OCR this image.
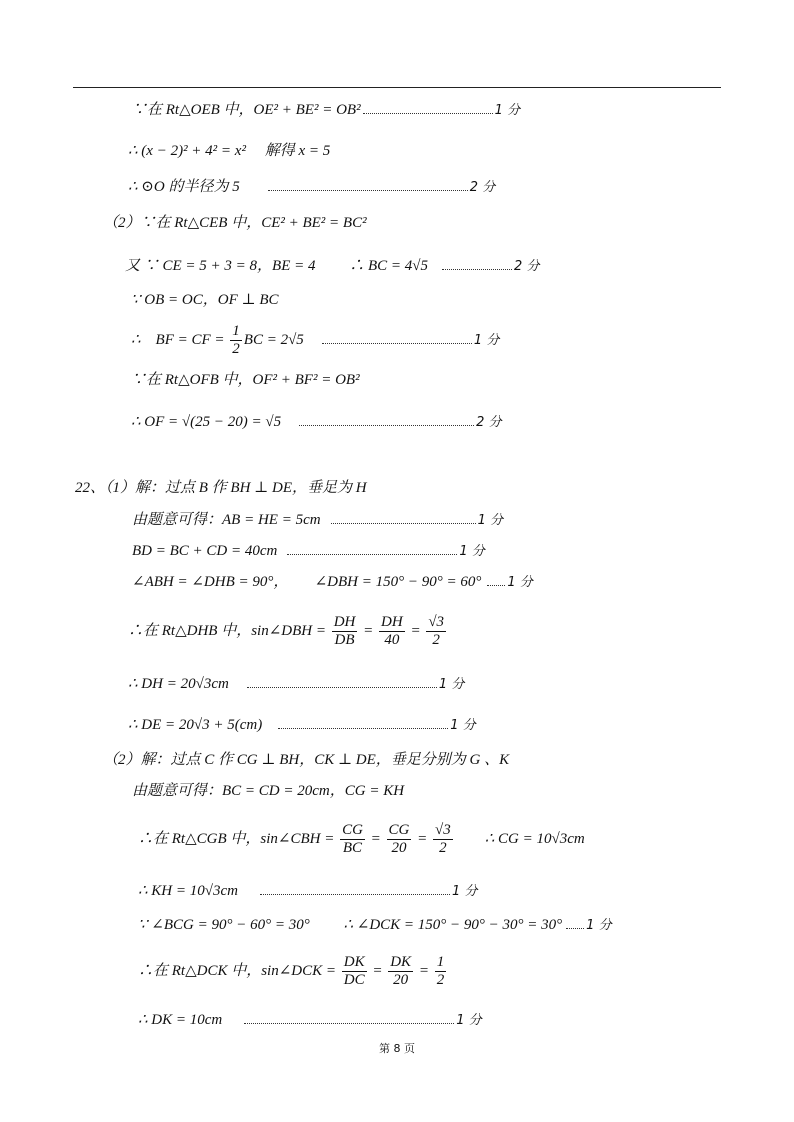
∵在 Rt△OEB 中，OE² + BE² = OB²	1 分
∴ (x − 2)² + 4² = x²　 解得 x = 5
∴ ⊙O 的半径为 5	2 分
（2）∵在 Rt△CEB 中，CE² + BE² = BC²
又 ∵ CE = 5 + 3 = 8，BE = 4　　 ∴ BC = 4√5	2 分
∵ OB = OC，OF ⊥ BC
∴　BF = CF = $\frac{1}{2}$ BC = 2√5	1 分
∵在 Rt△OFB 中，OF² + BF² = OB²
∴ OF = √(25 − 20) = √5	2 分
22、（1）解：过点 B 作 BH ⊥ DE，垂足为 H
由题意可得：AB = HE = 5cm	1 分
BD = BC + CD = 40cm	1 分
∠ABH = ∠DHB = 90°，　　 ∠DBH = 150° − 90° = 60° 1 分
∴在 Rt△DHB 中，sin∠DBH = $\frac{DH}{DB} = \frac{DH}{40} = \frac{√3}{2}$
∴ DH = 20√3cm	1 分
∴ DE = 20√3 + 5(cm)	1 分
（2）解：过点 C 作 CG ⊥ BH，CK ⊥ DE，垂足分别为 G 、K
由题意可得：BC = CD = 20cm，CG = KH
∴在 Rt△CGB 中，sin∠CBH = $\frac{CG}{BC} = \frac{CG}{20} = \frac{√3}{2}$ ∴ CG = 10√3cm
∴ KH = 10√3cm	1 分
∵ ∠BCG = 90° − 60° = 30°　　 ∴ ∠DCK = 150° − 90° − 30° = 30° 1 分
∴在 Rt△DCK 中，sin∠DCK = $\frac{DK}{DC} = \frac{DK}{20} = \frac{1}{2}$
∴ DK = 10cm	1 分
第 8 页
